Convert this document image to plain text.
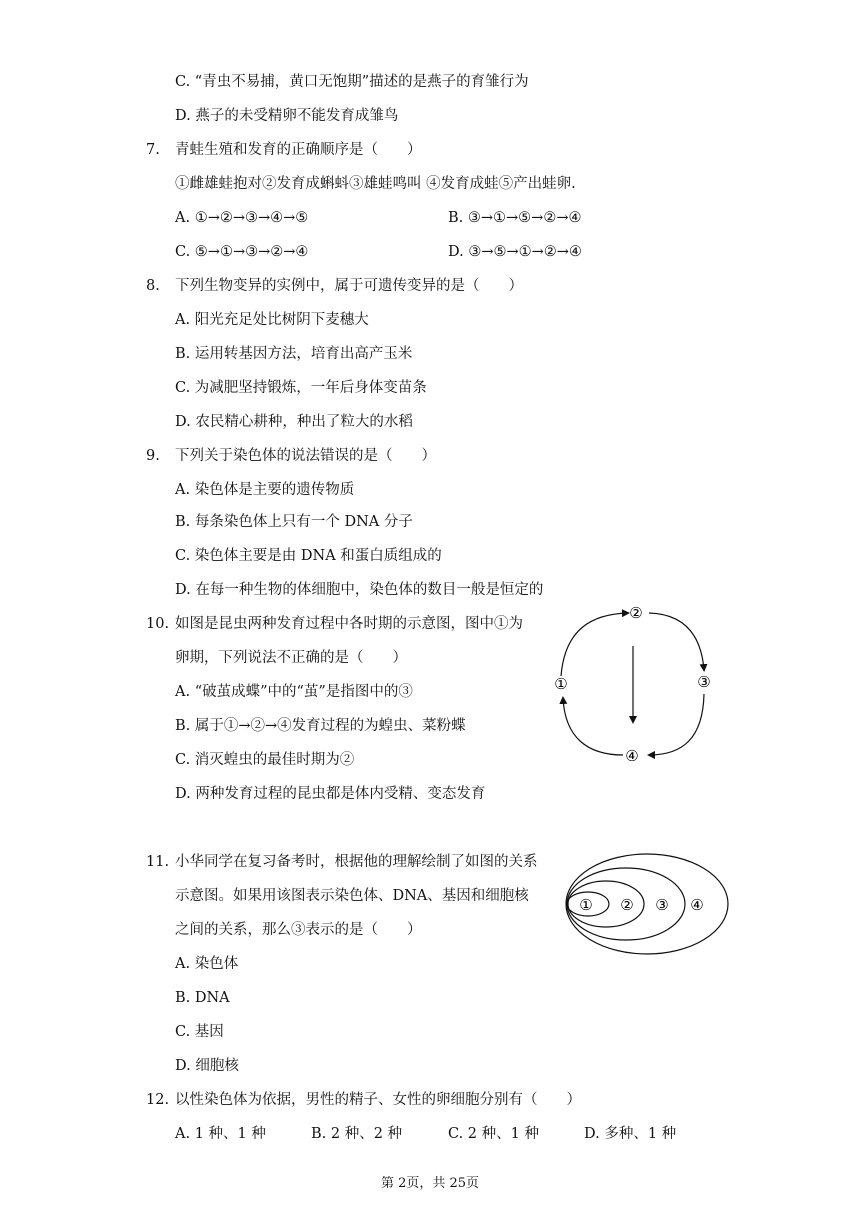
C. “青虫不易捕，黄口无饱期”描述的是燕子的育雏行为
D. 燕子的未受精卵不能发育成雏鸟
7. 青蛙生殖和发育的正确顺序是（　　）
①雌雄蛙抱对②发育成蝌蚪③雄蛙鸣叫 ④发育成蛙⑤产出蛙卵.
A. ①→②→③→④→⑤	B. ③→①→⑤→②→④
C. ⑤→①→③→②→④	D. ③→⑤→①→②→④
8. 下列生物变异的实例中，属于可遗传变异的是（　　）
A. 阳光充足处比树阴下麦穗大
B. 运用转基因方法，培育出高产玉米
C. 为减肥坚持锻炼，一年后身体变苗条
D. 农民精心耕种，种出了粒大的水稻
9. 下列关于染色体的说法错误的是（　　）
B. 每条染色体上只有一个 DNA 分子
A. 染色体是主要的遗传物质
C. 染色体主要是由 DNA 和蛋白质组成的
D. 在每一种生物的体细胞中，染色体的数目一般是恒定的
10. 如图是昆虫两种发育过程中各时期的示意图，图中①为
卵期，下列说法不正确的是（　　）
A. “破茧成蝶”中的“茧”是指图中的③
B. 属于①→②→④发育过程的为蝗虫、菜粉蝶
C. 消灭蝗虫的最佳时期为②
D. 两种发育过程的昆虫都是体内受精、变态发育
①
②
③
④
11. 小华同学在复习备考时，根据他的理解绘制了如图的关系
示意图。如果用该图表示染色体、DNA、基因和细胞核
之间的关系，那么③表示的是（　　）
A. 染色体
B. DNA
C. 基因
D. 细胞核
① ② ③ ④
12. 以性染色体为依据，男性的精子、女性的卵细胞分别有（　　）
A. 1 种、1 种	B. 2 种、2 种	C. 2 种、1 种	D. 多种、1 种
第 2页，共 25页
